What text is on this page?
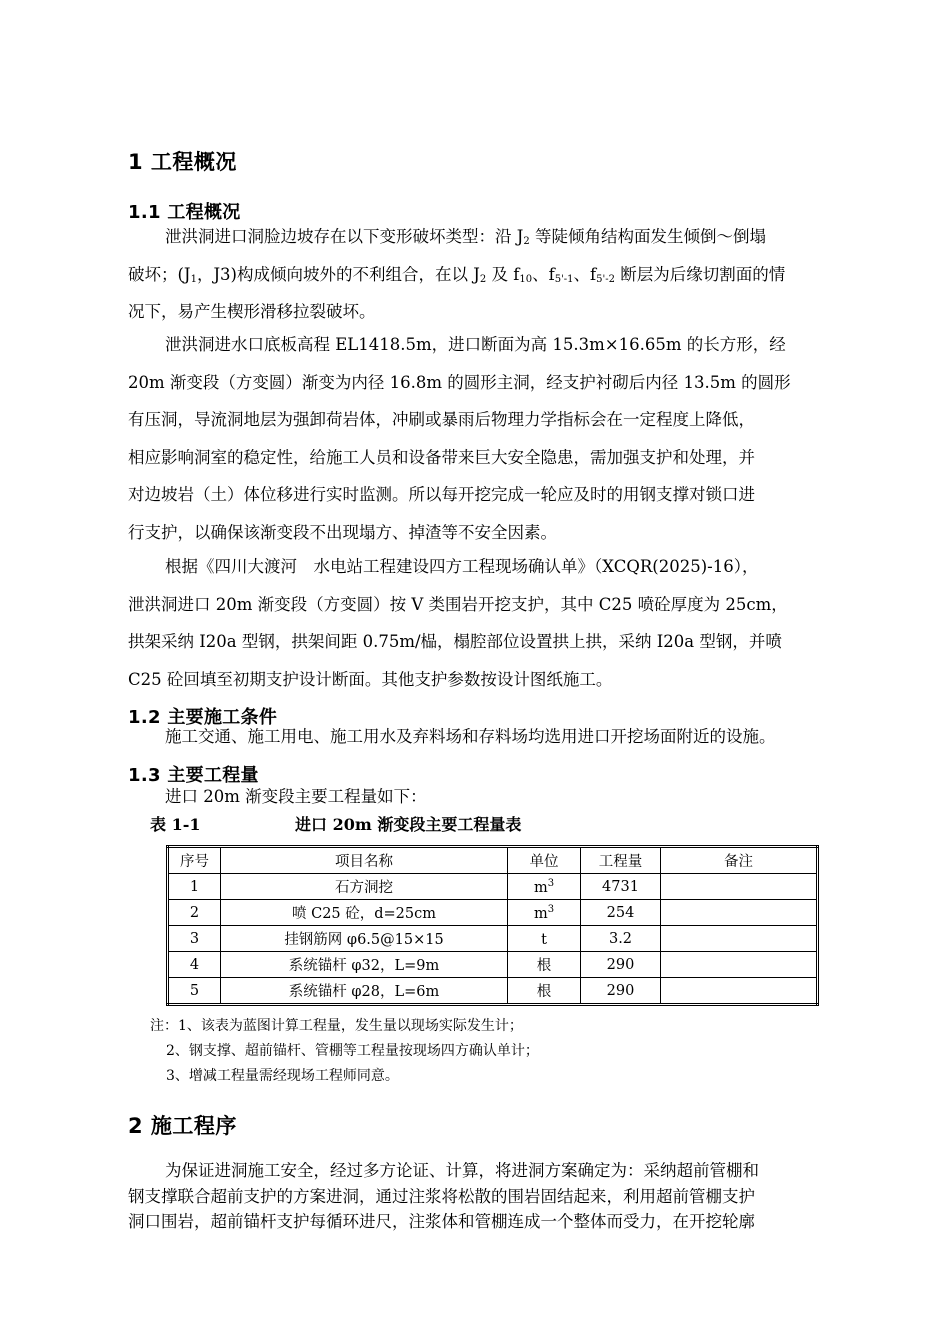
1 工程概况
1.1 工程概况
泄洪洞进口洞脸边坡存在以下变形破坏类型：沿 $J_2$ 等陡倾角结构面发生倾倒～倒塌
破坏；($J_1$，J3)构成倾向坡外的不利组合，在以 $J_2$ 及 $f_{10}$、$f_{5'-1}$、$f_{5'-2}$ 断层为后缘切割面的情
况下，易产生楔形滑移拉裂破坏。
泄洪洞进水口底板高程 EL1418.5m，进口断面为高 15.3m×16.65m 的长方形，经
20m 渐变段（方变圆）渐变为内径 16.8m 的圆形主洞，经支护衬砌后内径 13.5m 的圆形
有压洞，导流洞地层为强卸荷岩体，冲刷或暴雨后物理力学指标会在一定程度上降低，
相应影响洞室的稳定性，给施工人员和设备带来巨大安全隐患，需加强支护和处理，并
对边坡岩（土）体位移进行实时监测。所以每开挖完成一轮应及时的用钢支撑对锁口进
行支护，以确保该渐变段不出现塌方、掉渣等不安全因素。
根据《四川大渡河　水电站工程建设四方工程现场确认单》（XCQR(2025)-16），
泄洪洞进口 20m 渐变段（方变圆）按 V 类围岩开挖支护，其中 C25 喷砼厚度为 25cm，
拱架采纳 I20a 型钢，拱架间距 0.75m/榀，榻腔部位设置拱上拱，采纳 I20a 型钢，并喷
C25 砼回填至初期支护设计断面。其他支护参数按设计图纸施工。
1.2 主要施工条件
施工交通、施工用电、施工用水及弃料场和存料场均选用进口开挖场面附近的设施。
1.3 主要工程量
进口 20m 渐变段主要工程量如下：
表 1-1	进口 20m 渐变段主要工程量表
序号	项目名称	单位	工程量	备注
1	石方洞挖	$m^3$	4731	
2	喷 C25 砼，d=25cm	$m^3$	254	
3	挂钢筋网 φ6.5@15×15	t	3.2	
4	系统锚杆 φ32，L=9m	根	290	
5	系统锚杆 φ28，L=6m	根	290	
注：1、该表为蓝图计算工程量，发生量以现场实际发生计；
2、钢支撑、超前锚杆、管棚等工程量按现场四方确认单计；
3、增减工程量需经现场工程师同意。
2 施工程序
为保证进洞施工安全，经过多方论证、计算，将进洞方案确定为：采纳超前管棚和
钢支撑联合超前支护的方案进洞，通过注浆将松散的围岩固结起来，利用超前管棚支护
洞口围岩，超前锚杆支护每循环进尺，注浆体和管棚连成一个整体而受力，在开挖轮廓
